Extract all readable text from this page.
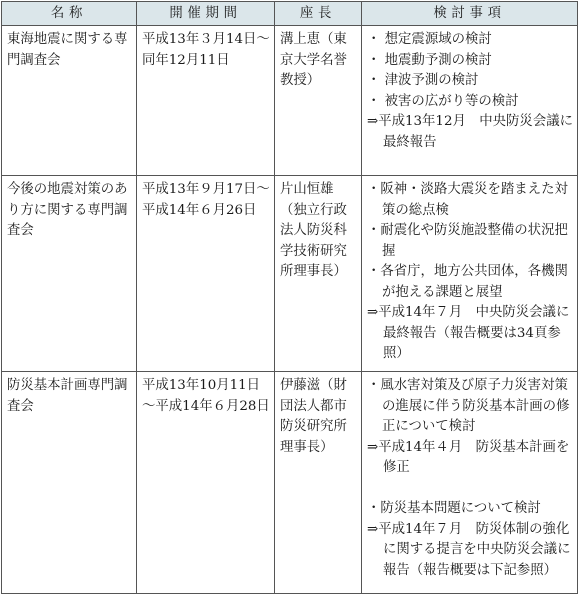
名称	開催期間	座長	検討事項
東海地震に関する専門調査会	平成13年３月14日～同年12月11日	溝上恵（東京大学名誉教授）	・ 想定震源域の検討
・ 地震動予測の検討
・ 津波予測の検討
・ 被害の広がり等の検討
⇒平成13年12月　中央防災会議に最終報告

今後の地震対策のあり方に関する専門調査会	平成13年９月17日～平成14年６月26日	片山恒雄（独立行政法人防災科学技術研究所理事長）	・阪神・淡路大震災を踏まえた対策の総点検
・耐震化や防災施設整備の状況把握
・各省庁，地方公共団体，各機関が抱える課題と展望
⇒平成14年７月　中央防災会議に最終報告（報告概要は34頁参照）

防災基本計画専門調査会	平成13年10月11日～平成14年６月28日	伊藤滋（財団法人都市防災研究所理事長）	・風水害対策及び原子力災害対策の進展に伴う防災基本計画の修正について検討
⇒平成14年４月　防災基本計画を修正
・防災基本問題について検討
⇒平成14年７月　防災体制の強化に関する提言を中央防災会議に報告（報告概要は下記参照）
